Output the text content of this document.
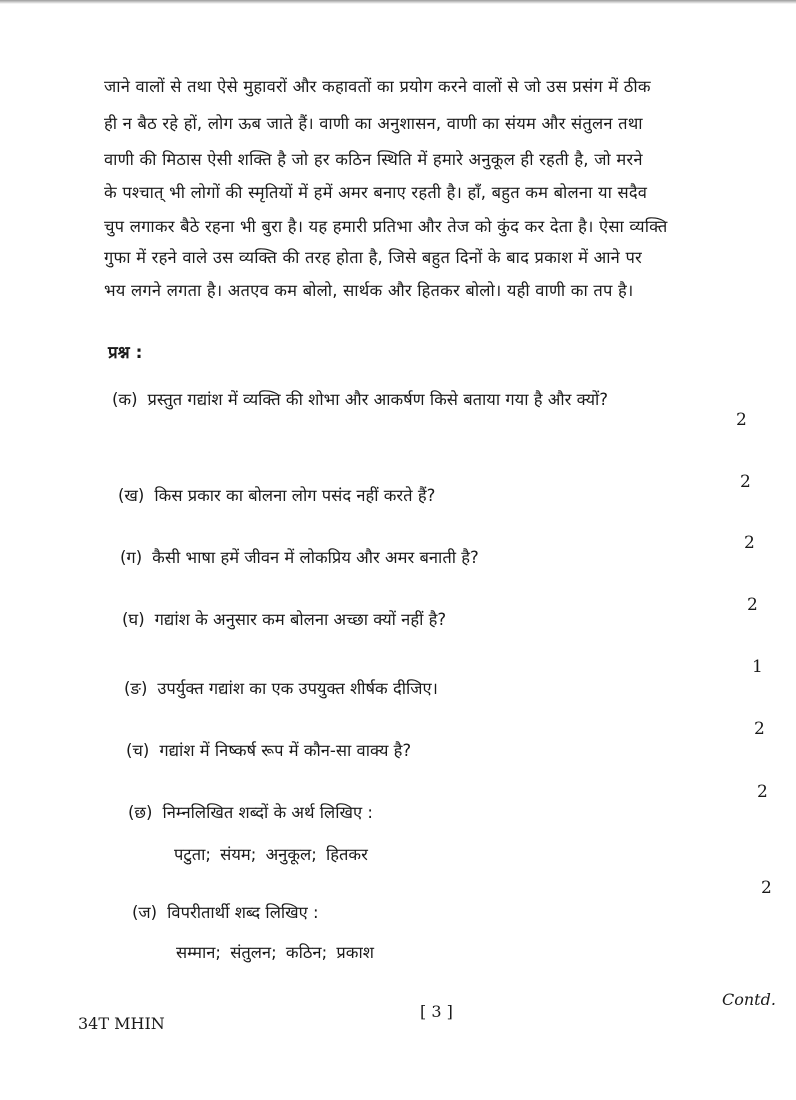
जाने वालों से तथा ऐसे मुहावरों और कहावतों का प्रयोग करने वालों से जो उस प्रसंग में ठीक
ही न बैठ रहे हों, लोग ऊब जाते हैं। वाणी का अनुशासन, वाणी का संयम और संतुलन तथा
वाणी की मिठास ऐसी शक्ति है जो हर कठिन स्थिति में हमारे अनुकूल ही रहती है, जो मरने
के पश्चात् भी लोगों की स्मृतियों में हमें अमर बनाए रहती है। हाँ, बहुत कम बोलना या सदैव
चुप लगाकर बैठे रहना भी बुरा है। यह हमारी प्रतिभा और तेज को कुंद कर देता है। ऐसा व्यक्ति
गुफा में रहने वाले उस व्यक्ति की तरह होता है, जिसे बहुत दिनों के बाद प्रकाश में आने पर
भय लगने लगता है। अतएव कम बोलो, सार्थक और हितकर बोलो। यही वाणी का तप है।
प्रश्न :
(क) प्रस्तुत गद्यांश में व्यक्ति की शोभा और आकर्षण किसे बताया गया है और क्यों?
2
(ख) किस प्रकार का बोलना लोग पसंद नहीं करते हैं?
2
(ग) कैसी भाषा हमें जीवन में लोकप्रिय और अमर बनाती है?
2
(घ) गद्यांश के अनुसार कम बोलना अच्छा क्यों नहीं है?
2
(ङ) उपर्युक्त गद्यांश का एक उपयुक्त शीर्षक दीजिए।
1
(च) गद्यांश में निष्कर्ष रूप में कौन-सा वाक्य है?
2
(छ) निम्नलिखित शब्दों के अर्थ लिखिए :
पटुता; संयम; अनुकूल; हितकर
2
(ज) विपरीतार्थी शब्द लिखिए :
सम्मान; संतुलन; कठिन; प्रकाश
2
Contd.
[ 3 ]
34T MHIN
